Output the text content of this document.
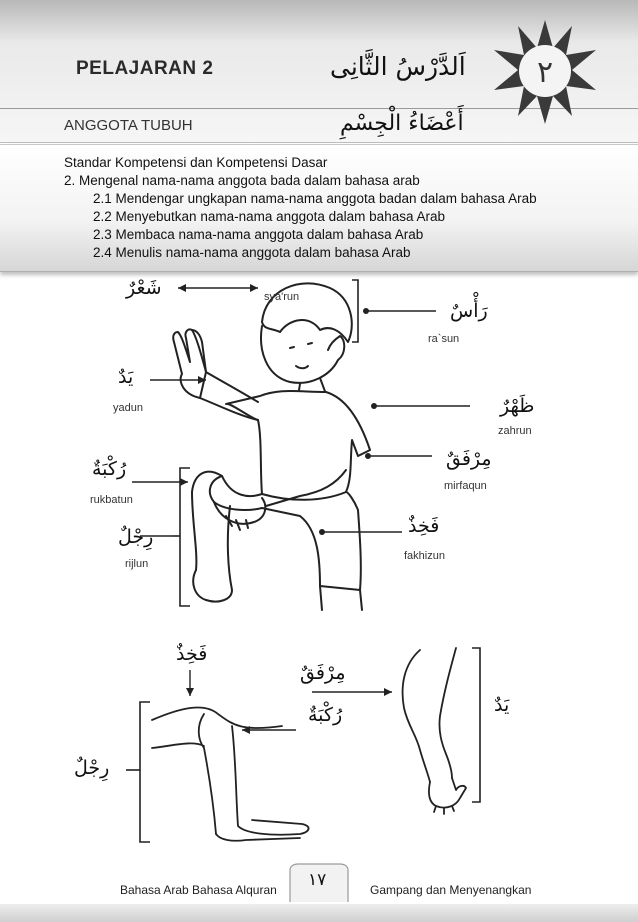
٢
PELAJARAN 2	اَلدَّرْسُ الثَّانِى
ANGGOTA TUBUH	أَعْضَاءُ الْجِسْمِ
Standar Kompetensi dan Kompetensi Dasar
2. Mengenal nama-nama anggota bada dalam bahasa arab
2.1 Mendengar ungkapan nama-nama anggota badan dalam bahasa Arab
2.2 Menyebutkan nama-nama anggota dalam bahasa Arab
2.3 Membaca nama-nama anggota dalam bahasa Arab
2.4 Menulis nama-nama anggota dalam bahasa Arab
شَعْرٌ	sya'run
رَأْسٌ
ra`sun
يَدٌ
yadun	ظَهْرٌ
zahrun
مِرْفَقٌ
mirfaqun
رُكْبَةٌ
rukbatun
فَخِذٌ
fakhizun
رِجْلٌ
rijlun
فَخِذٌ
مِرْفَقٌ
رُكْبَةٌ	يَدٌ
رِجْلٌ
١٧
Bahasa Arab Bahasa Alquran	Gampang dan Menyenangkan
